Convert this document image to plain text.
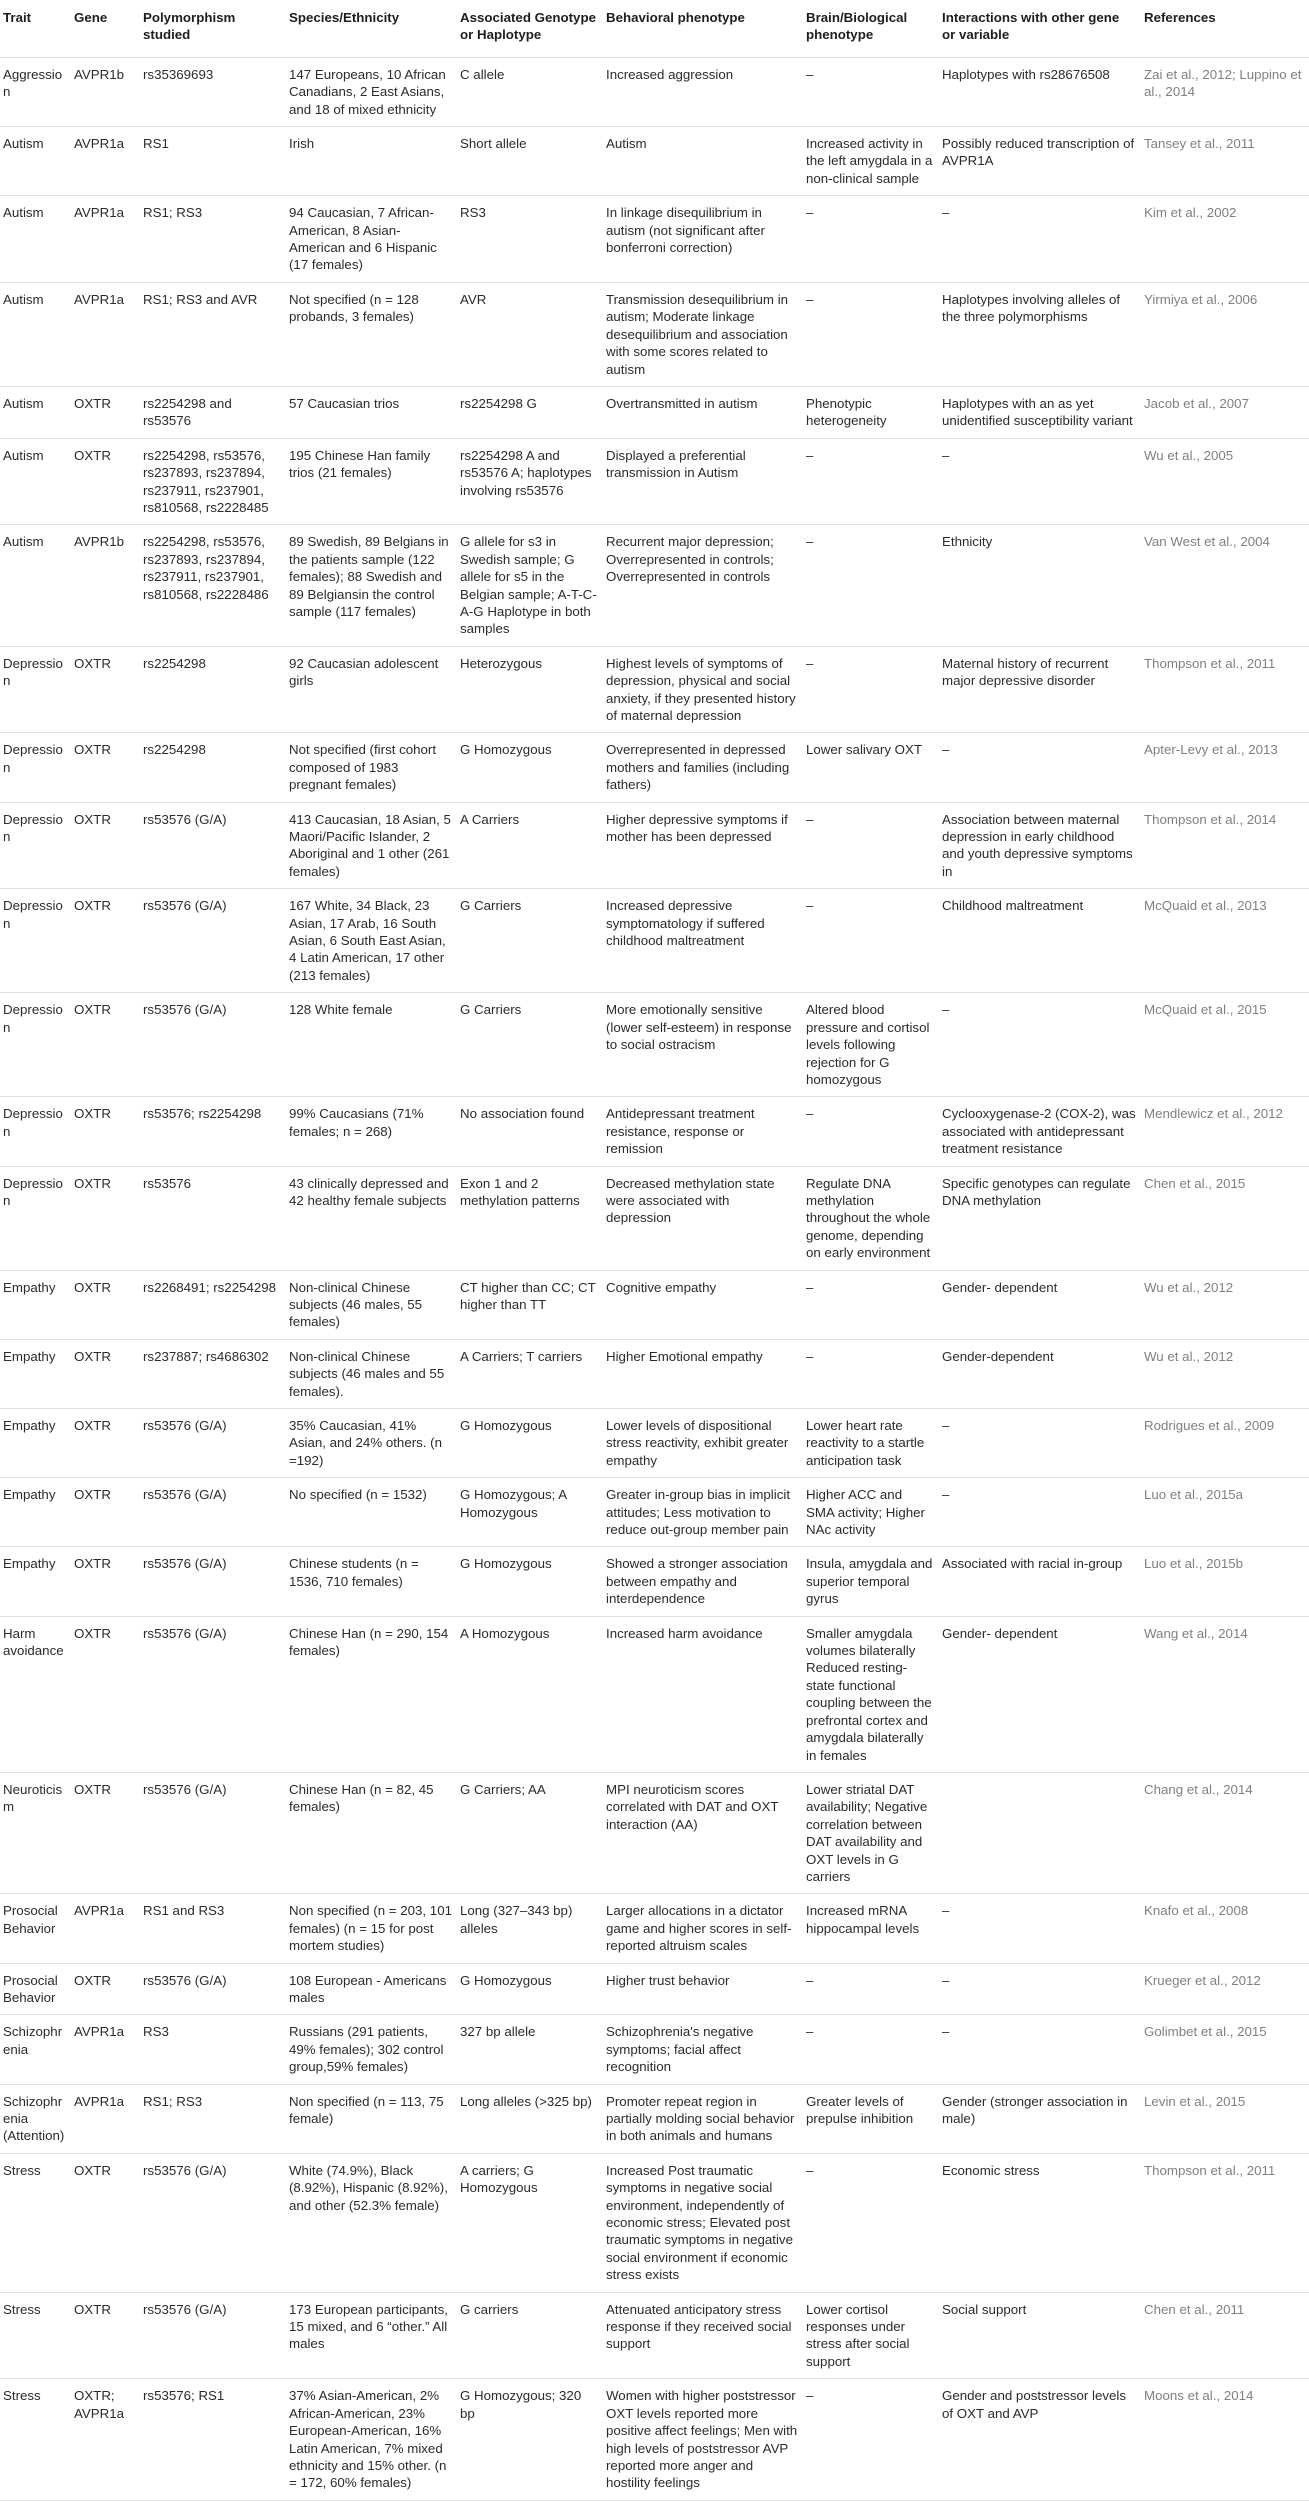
Trait	Gene	Polymorphism studied	Species/Ethnicity	Associated Genotype or Haplotype	Behavioral phenotype	Brain/Biological phenotype	Interactions with other gene or variable	References
Aggression	AVPR1b	rs35369693	147 Europeans, 10 African Canadians, 2 East Asians, and 18 of mixed ethnicity	C allele	Increased aggression	–	Haplotypes with rs28676508	Zai et al., 2012; Luppino et al., 2014
Autism	AVPR1a	RS1	Irish	Short allele	Autism	Increased activity in the left amygdala in a non-clinical sample	Possibly reduced transcription of AVPR1A	Tansey et al., 2011
Autism	AVPR1a	RS1; RS3	94 Caucasian, 7 African-American, 8 Asian-American and 6 Hispanic (17 females)	RS3	In linkage disequilibrium in autism (not significant after bonferroni correction)	–	–	Kim et al., 2002
Autism	AVPR1a	RS1; RS3 and AVR	Not specified (n = 128 probands, 3 females)	AVR	Transmission desequilibrium in autism; Moderate linkage desequilibrium and association with some scores related to autism	–	Haplotypes involving alleles of the three polymorphisms	Yirmiya et al., 2006
Autism	OXTR	rs2254298 and rs53576	57 Caucasian trios	rs2254298 G	Overtransmitted in autism	Phenotypic heterogeneity	Haplotypes with an as yet unidentified susceptibility variant	Jacob et al., 2007
Autism	OXTR	rs2254298, rs53576, rs237893, rs237894, rs237911, rs237901, rs810568, rs2228485	195 Chinese Han family trios (21 females)	rs2254298 A and rs53576 A; haplotypes involving rs53576	Displayed a preferential transmission in Autism	–	–	Wu et al., 2005
Autism	AVPR1b	rs2254298, rs53576, rs237893, rs237894, rs237911, rs237901, rs810568, rs2228486	89 Swedish, 89 Belgians in the patients sample (122 females); 88 Swedish and 89 Belgiansin the control sample (117 females)	G allele for s3 in Swedish sample; G allele for s5 in the Belgian sample; A-T-C-A-G Haplotype in both samples	Recurrent major depression; Overrepresented in controls; Overrepresented in controls	–	Ethnicity	Van West et al., 2004
Depression	OXTR	rs2254298	92 Caucasian adolescent girls	Heterozygous	Highest levels of symptoms of depression, physical and social anxiety, if they presented history of maternal depression	–	Maternal history of recurrent major depressive disorder	Thompson et al., 2011
Depression	OXTR	rs2254298	Not specified (first cohort composed of 1983 pregnant females)	G Homozygous	Overrepresented in depressed mothers and families (including fathers)	Lower salivary OXT	–	Apter-Levy et al., 2013
Depression	OXTR	rs53576 (G/A)	413 Caucasian, 18 Asian, 5 Maori/Pacific Islander, 2 Aboriginal and 1 other (261 females)	A Carriers	Higher depressive symptoms if mother has been depressed	–	Association between maternal depression in early childhood and youth depressive symptoms in	Thompson et al., 2014
Depression	OXTR	rs53576 (G/A)	167 White, 34 Black, 23 Asian, 17 Arab, 16 South Asian, 6 South East Asian, 4 Latin American, 17 other (213 females)	G Carriers	Increased depressive symptomatology if suffered childhood maltreatment	–	Childhood maltreatment	McQuaid et al., 2013
Depression	OXTR	rs53576 (G/A)	128 White female	G Carriers	More emotionally sensitive (lower self-esteem) in response to social ostracism	Altered blood pressure and cortisol levels following rejection for G homozygous	–	McQuaid et al., 2015
Depression	OXTR	rs53576; rs2254298	99% Caucasians (71% females; n = 268)	No association found	Antidepressant treatment resistance, response or remission	–	Cyclooxygenase-2 (COX-2), was associated with antidepressant treatment resistance	Mendlewicz et al., 2012
Depression	OXTR	rs53576	43 clinically depressed and 42 healthy female subjects	Exon 1 and 2 methylation patterns	Decreased methylation state were associated with depression	Regulate DNA methylation throughout the whole genome, depending on early environment	Specific genotypes can regulate DNA methylation	Chen et al., 2015
Empathy	OXTR	rs2268491; rs2254298	Non-clinical Chinese subjects (46 males, 55 females)	CT higher than CC; CT higher than TT	Cognitive empathy	–	Gender- dependent	Wu et al., 2012
Empathy	OXTR	rs237887; rs4686302	Non-clinical Chinese subjects (46 males and 55 females).	A Carriers; T carriers	Higher Emotional empathy	–	Gender-dependent	Wu et al., 2012
Empathy	OXTR	rs53576 (G/A)	35% Caucasian, 41% Asian, and 24% others. (n =192)	G Homozygous	Lower levels of dispositional stress reactivity, exhibit greater empathy	Lower heart rate reactivity to a startle anticipation task	–	Rodrigues et al., 2009
Empathy	OXTR	rs53576 (G/A)	No specified (n = 1532)	G Homozygous; A Homozygous	Greater in-group bias in implicit attitudes; Less motivation to reduce out-group member pain	Higher ACC and SMA activity; Higher NAc activity	–	Luo et al., 2015a
Empathy	OXTR	rs53576 (G/A)	Chinese students (n = 1536, 710 females)	G Homozygous	Showed a stronger association between empathy and interdependence	Insula, amygdala and superior temporal gyrus	Associated with racial in-group	Luo et al., 2015b
Harm avoidance	OXTR	rs53576 (G/A)	Chinese Han (n = 290, 154 females)	A Homozygous	Increased harm avoidance	Smaller amygdala volumes bilaterally Reduced resting-state functional coupling between the prefrontal cortex and amygdala bilaterally in females	Gender- dependent	Wang et al., 2014
Neuroticism	OXTR	rs53576 (G/A)	Chinese Han (n = 82, 45 females)	G Carriers; AA	MPI neuroticism scores correlated with DAT and OXT interaction (AA)	Lower striatal DAT availability; Negative correlation between DAT availability and OXT levels in G carriers		Chang et al., 2014
Prosocial Behavior	AVPR1a	RS1 and RS3	Non specified (n = 203, 101 females) (n = 15 for post mortem studies)	Long (327–343 bp) alleles	Larger allocations in a dictator game and higher scores in self-reported altruism scales	Increased mRNA hippocampal levels	–	Knafo et al., 2008
Prosocial Behavior	OXTR	rs53576 (G/A)	108 European - Americans males	G Homozygous	Higher trust behavior	–	–	Krueger et al., 2012
Schizophrenia	AVPR1a	RS3	Russians (291 patients, 49% females); 302 control group,59% females)	327 bp allele	Schizophrenia's negative symptoms; facial affect recognition	–	–	Golimbet et al., 2015
Schizophrenia (Attention)	AVPR1a	RS1; RS3	Non specified (n = 113, 75 female)	Long alleles (>325 bp)	Promoter repeat region in partially molding social behavior in both animals and humans	Greater levels of prepulse inhibition	Gender (stronger association in male)	Levin et al., 2015
Stress	OXTR	rs53576 (G/A)	White (74.9%), Black (8.92%), Hispanic (8.92%), and other (52.3% female)	A carriers; G Homozygous	Increased Post traumatic symptoms in negative social environment, independently of economic stress; Elevated post traumatic symptoms in negative social environment if economic stress exists	–	Economic stress	Thompson et al., 2011
Stress	OXTR	rs53576 (G/A)	173 European participants, 15 mixed, and 6 “other.” All males	G carriers	Attenuated anticipatory stress response if they received social support	Lower cortisol responses under stress after social support	Social support	Chen et al., 2011
Stress	OXTR; AVPR1a	rs53576; RS1	37% Asian-American, 2% African-American, 23% European-American, 16% Latin American, 7% mixed ethnicity and 15% other. (n = 172, 60% females)	G Homozygous; 320 bp	Women with higher poststressor OXT levels reported more positive affect feelings; Men with high levels of poststressor AVP reported more anger and hostility feelings	–	Gender and poststressor levels of OXT and AVP	Moons et al., 2014
